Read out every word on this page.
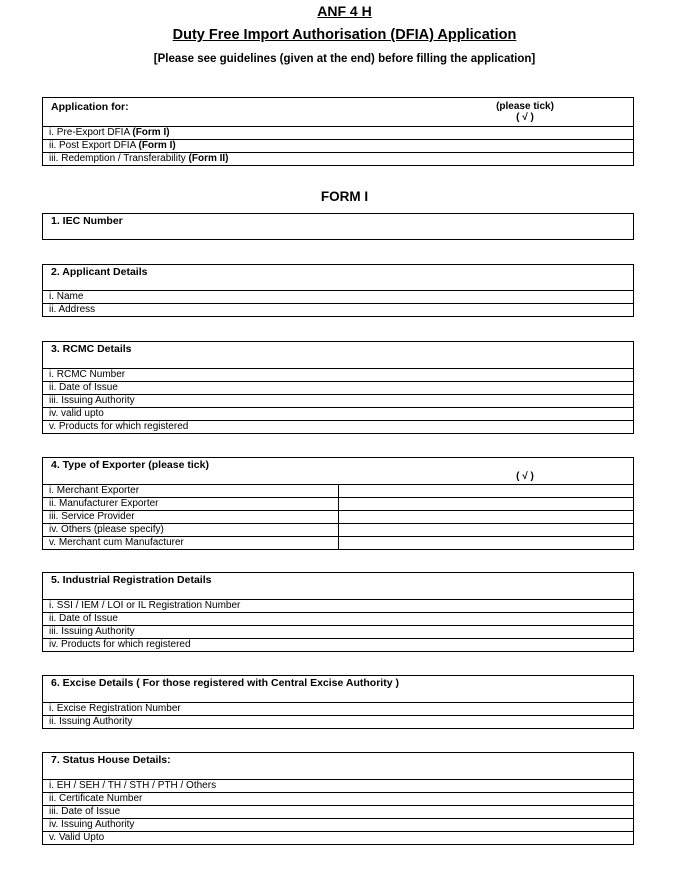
ANF 4 H
Duty Free Import Authorisation (DFIA) Application
[Please see guidelines (given at the end) before filling the application]
Application for:	(please tick)
( √ )
i. Pre-Export DFIA (Form I)
ii. Post Export DFIA (Form I)
iii. Redemption / Transferability (Form II)
FORM I
1. IEC Number
2. Applicant Details
i. Name
ii. Address
3. RCMC Details
i. RCMC Number
ii. Date of Issue
iii. Issuing Authority
iv. valid upto
v. Products for which registered
4. Type of Exporter (please tick)
( √ )
i. Merchant Exporter
ii. Manufacturer Exporter
iii. Service Provider
iv. Others (please specify)
v. Merchant cum Manufacturer
5. Industrial Registration Details
i. SSI / IEM / LOI or IL Registration Number
ii. Date of Issue
iii. Issuing Authority
iv. Products for which registered
6. Excise Details ( For those registered with Central Excise Authority )
i. Excise Registration Number
ii. Issuing Authority
7. Status House Details:
i. EH / SEH / TH / STH / PTH / Others
ii. Certificate Number
iii. Date of Issue
iv. Issuing Authority
v. Valid Upto
